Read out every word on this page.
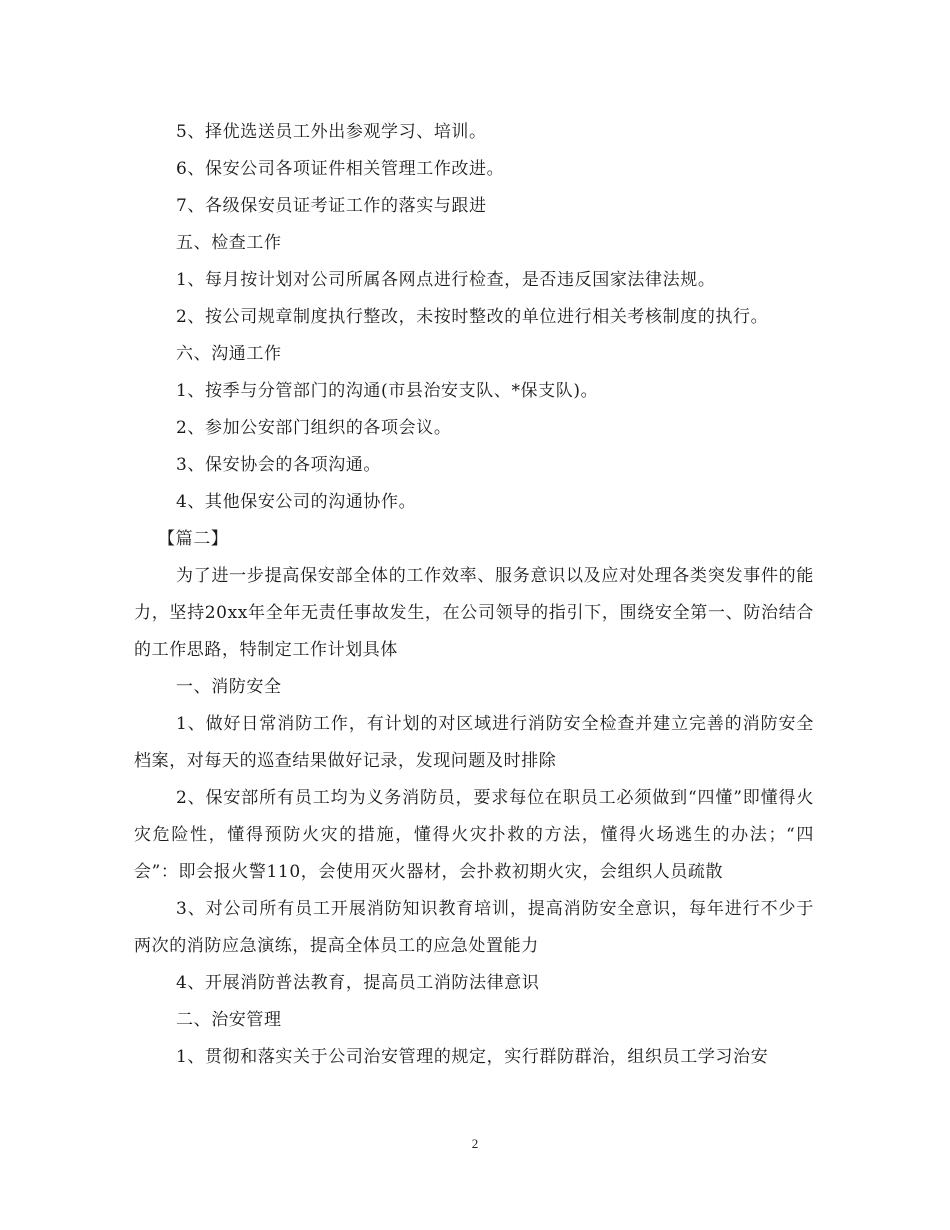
5、择优选送员工外出参观学习、培训。

6、保安公司各项证件相关管理工作改进。

7、各级保安员证考证工作的落实与跟进

五、检查工作

1、每月按计划对公司所属各网点进行检查，是否违反国家法律法规。

2、按公司规章制度执行整改，未按时整改的单位进行相关考核制度的执行。

六、沟通工作

1、按季与分管部门的沟通(市县治安支队、*保支队)。

2、参加公安部门组织的各项会议。

3、保安协会的各项沟通。

4、其他保安公司的沟通协作。

【篇二】

为了进一步提高保安部全体的工作效率、服务意识以及应对处理各类突发事件的能力，坚持20xx年全年无责任事故发生，在公司领导的指引下，围绕安全第一、防治结合的工作思路，特制定工作计划具体

一、消防安全

1、做好日常消防工作，有计划的对区域进行消防安全检查并建立完善的消防安全档案，对每天的巡查结果做好记录，发现问题及时排除

2、保安部所有员工均为义务消防员，要求每位在职员工必须做到“四懂”即懂得火灾危险性，懂得预防火灾的措施，懂得火灾扑救的方法，懂得火场逃生的办法；“四会”：即会报火警110，会使用灭火器材，会扑救初期火灾，会组织人员疏散

3、对公司所有员工开展消防知识教育培训，提高消防安全意识，每年进行不少于两次的消防应急演练，提高全体员工的应急处置能力

4、开展消防普法教育，提高员工消防法律意识

二、治安管理

1、贯彻和落实关于公司治安管理的规定，实行群防群治，组织员工学习治安

2
